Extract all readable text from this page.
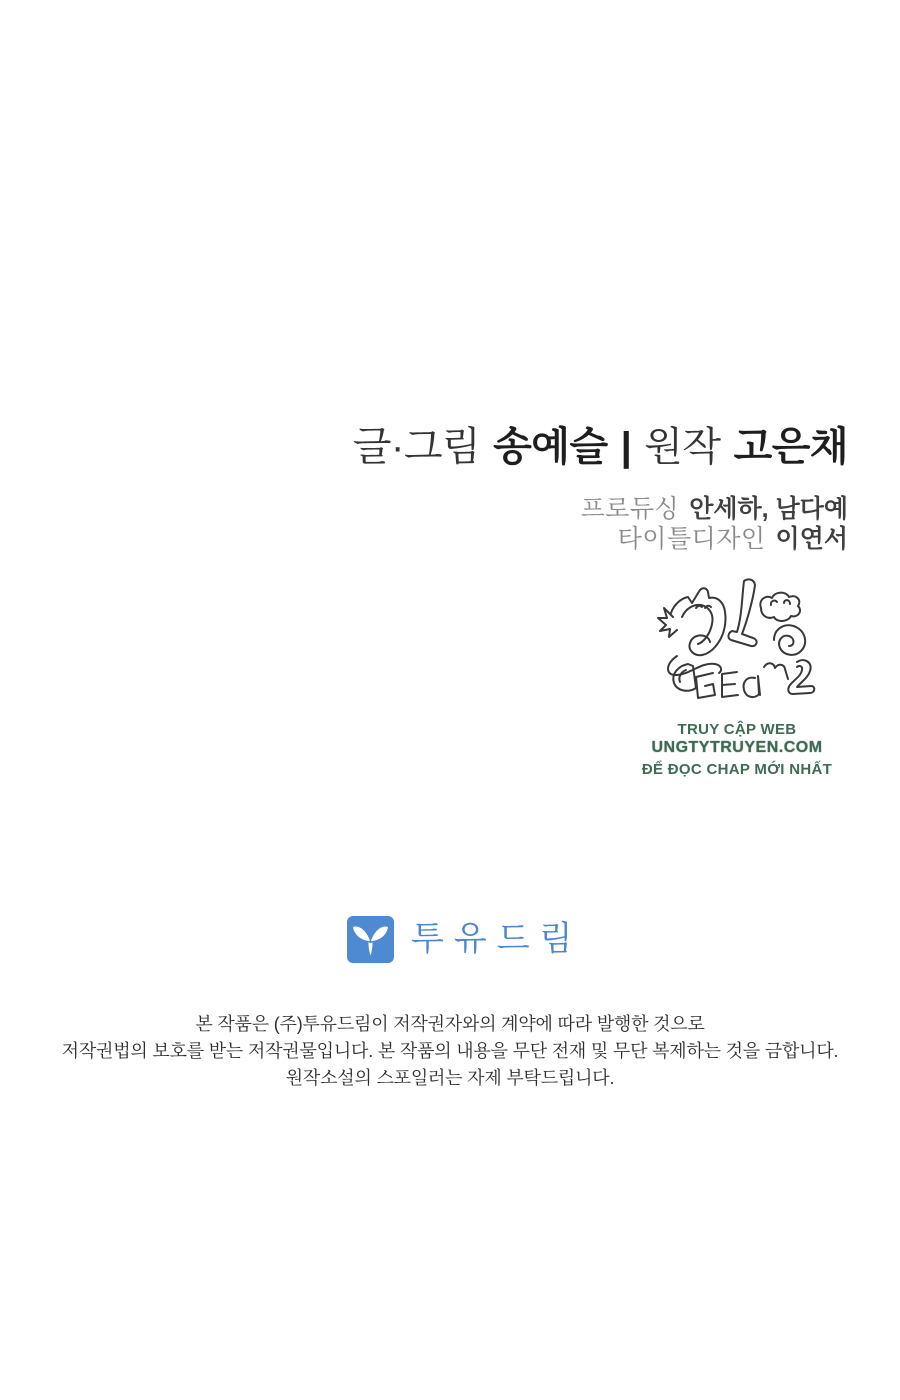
글·그림 송예슬 | 원작 고은채
프로듀싱 안세하, 남다예
타이틀디자인 이연서
TRUY CẬP WEB UNGTYTRUYEN.COM
ĐỂ ĐỌC CHAP MỚI NHẤT
투유드림
본 작품은 (주)투유드림이 저작권자와의 계약에 따라 발행한 것으로
저작권법의 보호를 받는 저작권물입니다. 본 작품의 내용을 무단 전재 및 무단 복제하는 것을 금합니다.
원작소설의 스포일러는 자제 부탁드립니다.
